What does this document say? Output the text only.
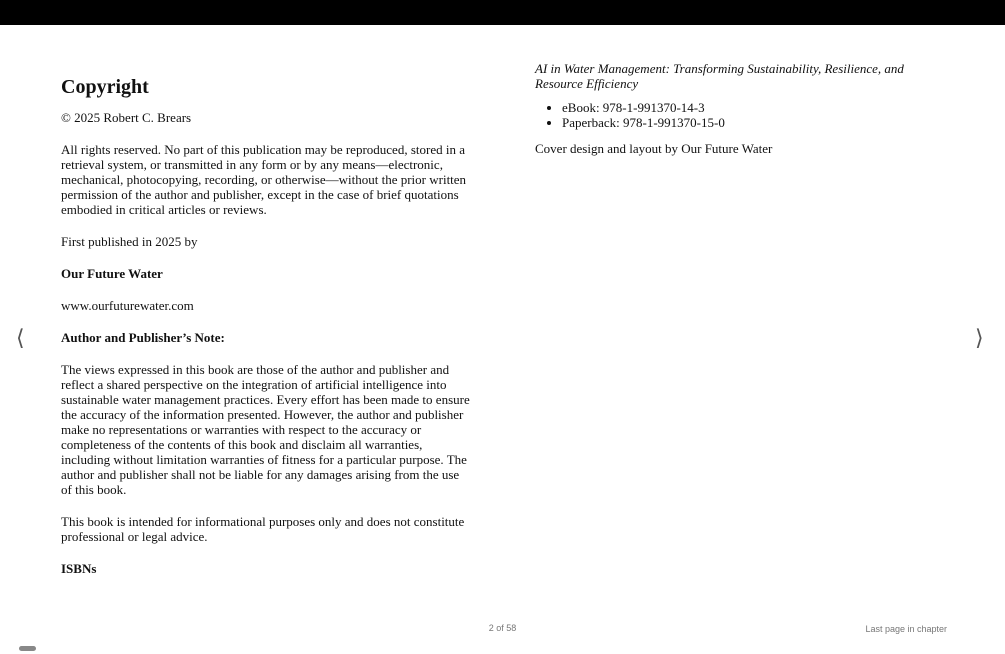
Copyright

© 2025 Robert C. Brears

All rights reserved. No part of this publication may be reproduced, stored in a retrieval system, or transmitted in any form or by any means—electronic, mechanical, photocopying, recording, or otherwise—without the prior written permission of the author and publisher, except in the case of brief quotations embodied in critical articles or reviews.

First published in 2025 by

Our Future Water

www.ourfuturewater.com

Author and Publisher’s Note:

The views expressed in this book are those of the author and publisher and reflect a shared perspective on the integration of artificial intelligence into sustainable water management practices. Every effort has been made to ensure the accuracy of the information presented. However, the author and publisher make no representations or warranties with respect to the accuracy or completeness of the contents of this book and disclaim all warranties, including without limitation warranties of fitness for a particular purpose. The author and publisher shall not be liable for any damages arising from the use of this book.

This book is intended for informational purposes only and does not constitute professional or legal advice.

ISBNs

AI in Water Management: Transforming Sustainability, Resilience, and Resource Efficiency

• eBook: 978-1-991370-14-3
• Paperback: 978-1-991370-15-0

Cover design and layout by Our Future Water

⟨	⟩
2 of 58	Last page in chapter
